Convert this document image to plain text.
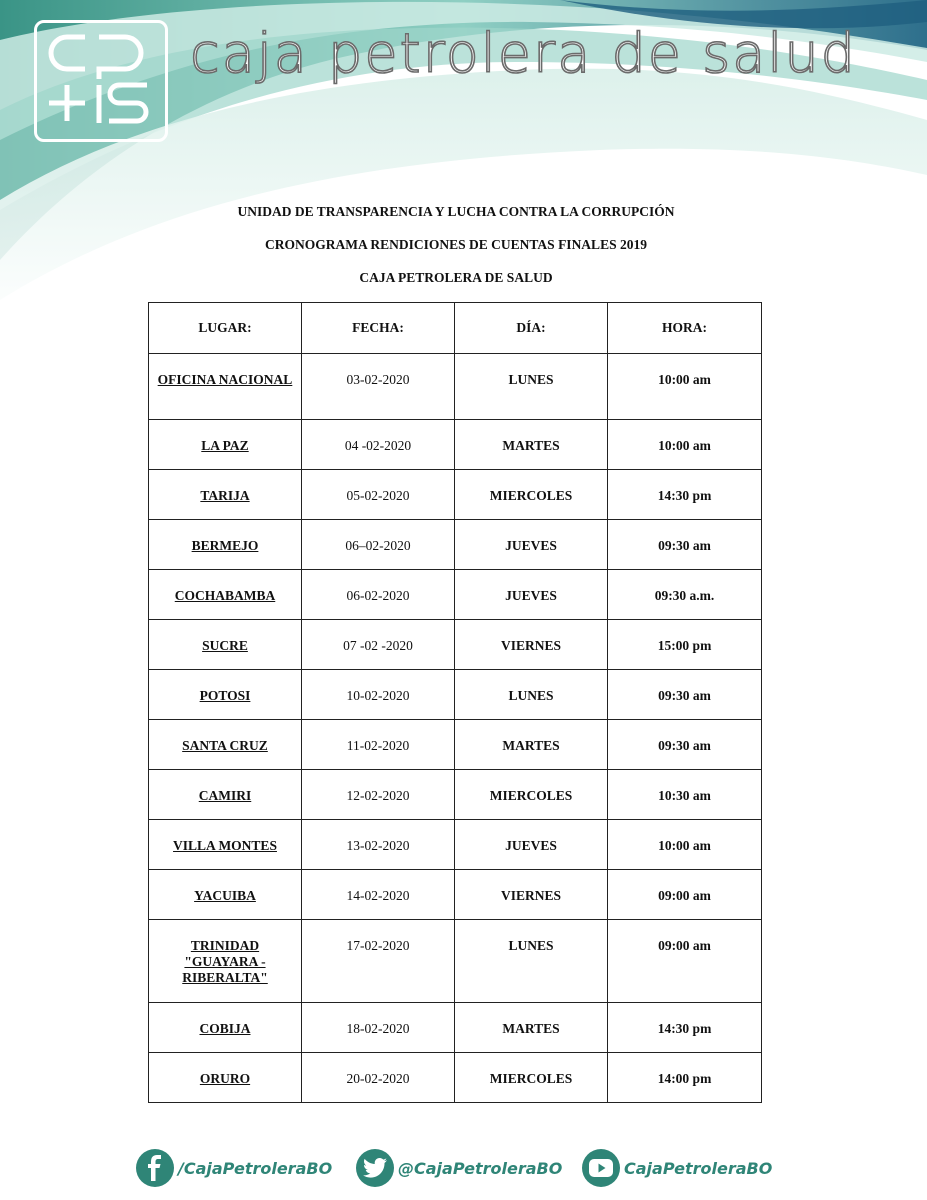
caja petrolera de salud
UNIDAD DE TRANSPARENCIA Y LUCHA CONTRA LA CORRUPCIÓN
CRONOGRAMA RENDICIONES DE CUENTAS FINALES 2019
CAJA PETROLERA DE SALUD
LUGAR:	FECHA:	DÍA:	HORA:
OFICINA NACIONAL	03-02-2020	LUNES	10:00 am
LA PAZ	04 -02-2020	MARTES	10:00 am
TARIJA	05-02-2020	MIERCOLES	14:30 pm
BERMEJO	06–02-2020	JUEVES	09:30 am
COCHABAMBA	06-02-2020	JUEVES	09:30 a.m.
SUCRE	07 -02 -2020	VIERNES	15:00 pm
POTOSI	10-02-2020	LUNES	09:30 am
SANTA CRUZ	11-02-2020	MARTES	09:30 am
CAMIRI	12-02-2020	MIERCOLES	10:30 am
VILLA MONTES	13-02-2020	JUEVES	10:00 am
YACUIBA	14-02-2020	VIERNES	09:00 am
TRINIDAD "GUAYARA - RIBERALTA"	17-02-2020	LUNES	09:00 am
COBIJA	18-02-2020	MARTES	14:30 pm
ORURO	20-02-2020	MIERCOLES	14:00 pm
/CajaPetroleraBO	@CajaPetroleraBO	CajaPetroleraBO
